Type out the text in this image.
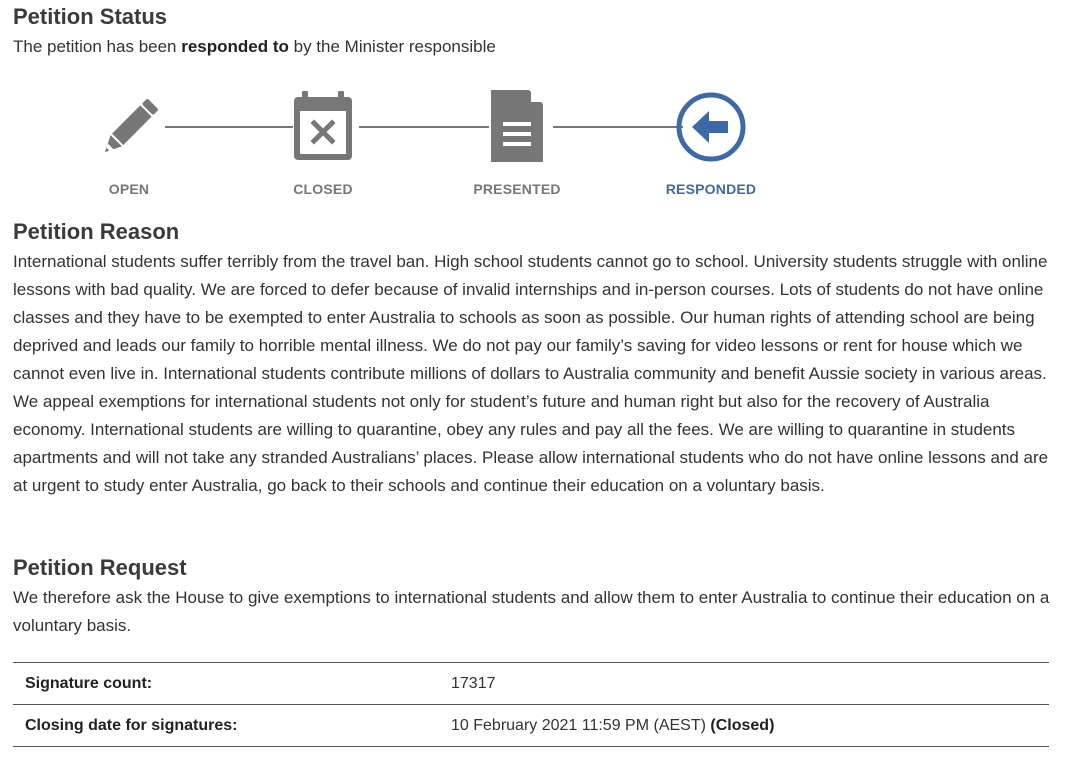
Petition Status
The petition has been responded to by the Minister responsible
OPEN	CLOSED	PRESENTED	RESPONDED
Petition Reason
International students suffer terribly from the travel ban. High school students cannot go to school. University students struggle with online lessons with bad quality. We are forced to defer because of invalid internships and in-person courses. Lots of students do not have online classes and they have to be exempted to enter Australia to schools as soon as possible. Our human rights of attending school are being deprived and leads our family to horrible mental illness. We do not pay our family’s saving for video lessons or rent for house which we cannot even live in. International students contribute millions of dollars to Australia community and benefit Aussie society in various areas. We appeal exemptions for international students not only for student’s future and human right but also for the recovery of Australia economy. International students are willing to quarantine, obey any rules and pay all the fees. We are willing to quarantine in students apartments and will not take any stranded Australians’ places. Please allow international students who do not have online lessons and are at urgent to study enter Australia, go back to their schools and continue their education on a voluntary basis.
Petition Request
We therefore ask the House to give exemptions to international students and allow them to enter Australia to continue their education on a voluntary basis.
Signature count:	17317
Closing date for signatures:	10 February 2021 11:59 PM (AEST) (Closed)
